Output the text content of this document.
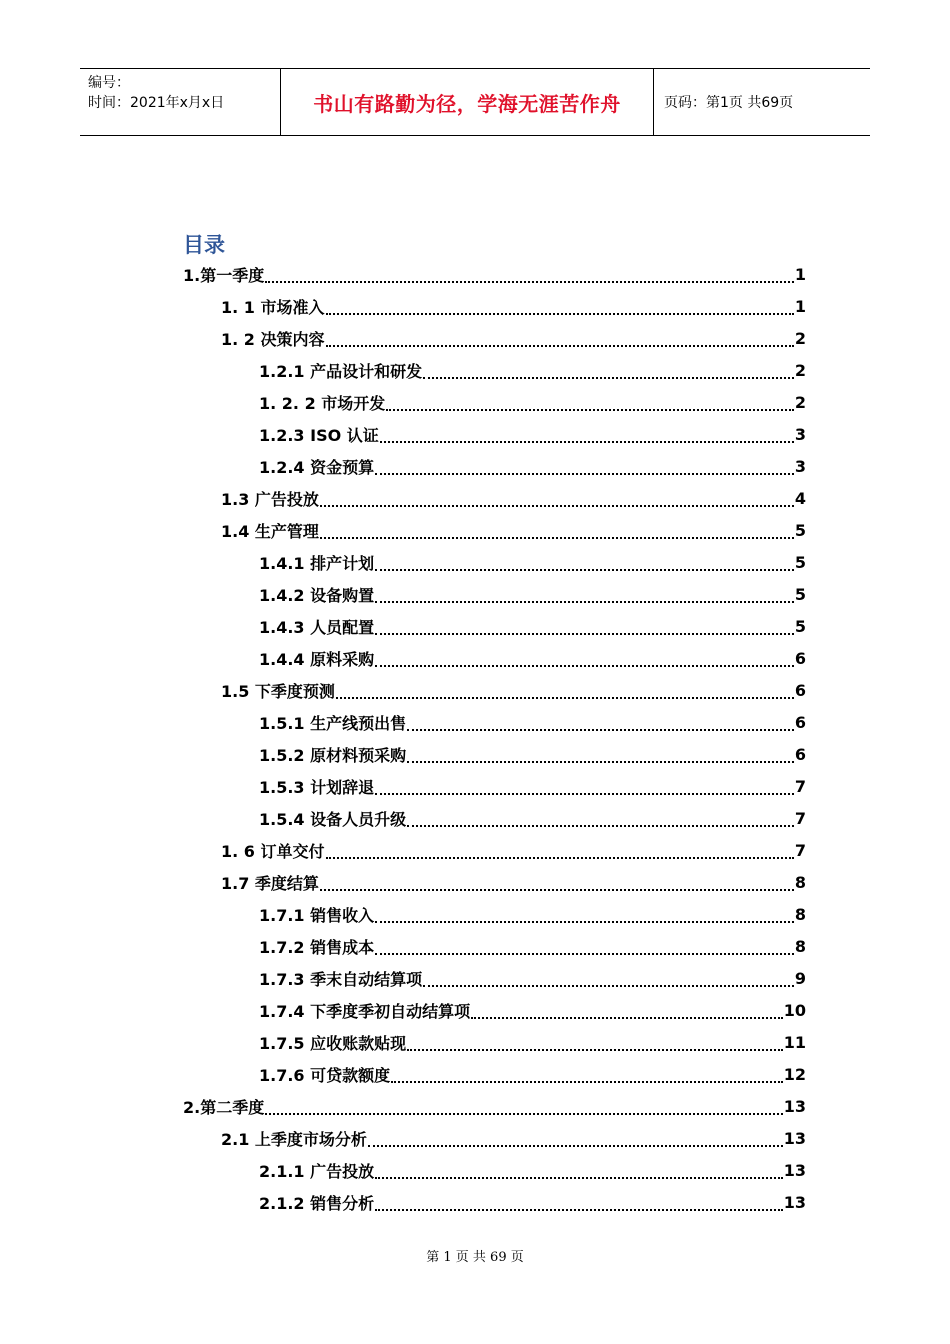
编号：
时间：2021年x月x日	书山有路勤为径，学海无涯苦作舟	页码：第1页 共69页
目录
1.第一季度	1
1. 1 市场准入	1
1. 2 决策内容	2
1.2.1 产品设计和研发	2
1. 2. 2 市场开发	2
1.2.3 ISO 认证	3
1.2.4 资金预算	3
1.3 广告投放	4
1.4 生产管理	5
1.4.1 排产计划	5
1.4.2 设备购置	5
1.4.3 人员配置	5
1.4.4 原料采购	6
1.5 下季度预测	6
1.5.1 生产线预出售	6
1.5.2 原材料预采购	6
1.5.3 计划辞退	7
1.5.4 设备人员升级	7
1. 6 订单交付	7
1.7 季度结算	8
1.7.1 销售收入	8
1.7.2 销售成本	8
1.7.3 季末自动结算项	9
1.7.4 下季度季初自动结算项	10
1.7.5 应收账款贴现	11
1.7.6 可贷款额度	12
2.第二季度	13
2.1 上季度市场分析	13
2.1.1 广告投放	13
2.1.2 销售分析	13
第 1 页 共 69 页
